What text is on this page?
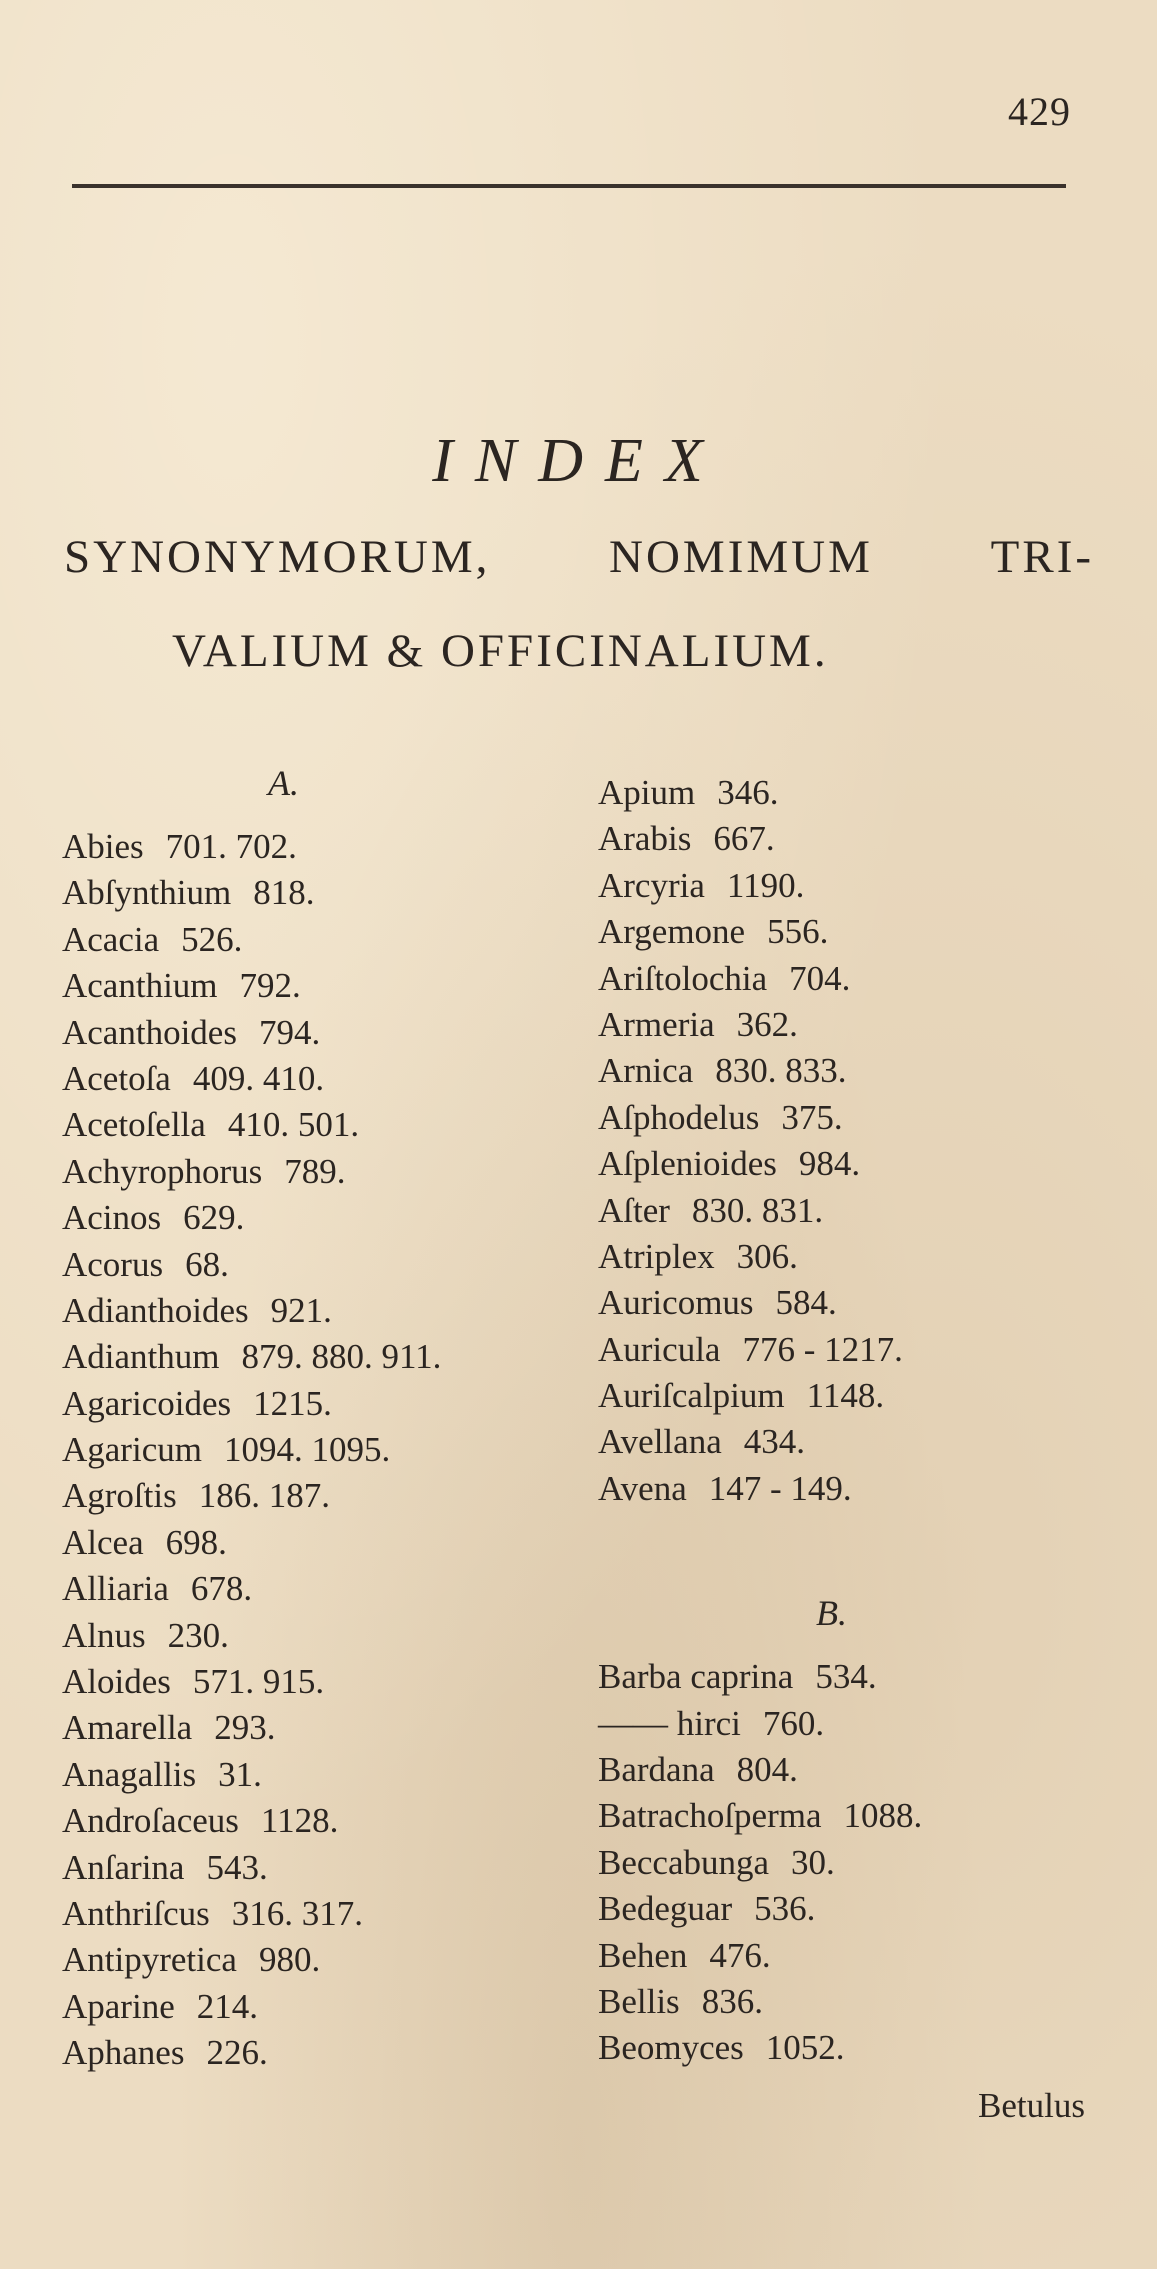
429
INDEX
SYNONYMORUM, NOMIMUM TRI-
VALIUM & OFFICINALIUM.
A.
Abies 701. 702.
Abſynthium 818.
Acacia 526.
Acanthium 792.
Acanthoides 794.
Acetoſa 409. 410.
Acetoſella 410. 501.
Achyrophorus 789.
Acinos 629.
Acorus 68.
Adianthoides 921.
Adianthum 879. 880. 911.
Agaricoides 1215.
Agaricum 1094. 1095.
Agroſtis 186. 187.
Alcea 698.
Alliaria 678.
Alnus 230.
Aloides 571. 915.
Amarella 293.
Anagallis 31.
Androſaceus 1128.
Anſarina 543.
Anthriſcus 316. 317.
Antipyretica 980.
Aparine 214.
Aphanes 226.
Apium 346.
Arabis 667.
Arcyria 1190.
Argemone 556.
Ariſtolochia 704.
Armeria 362.
Arnica 830. 833.
Aſphodelus 375.
Aſplenioides 984.
Aſter 830. 831.
Atriplex 306.
Auricomus 584.
Auricula 776 - 1217.
Auriſcalpium 1148.
Avellana 434.
Avena 147 - 149.
B.
Barba caprina 534.
—— hirci 760.
Bardana 804.
Batrachoſperma 1088.
Beccabunga 30.
Bedeguar 536.
Behen 476.
Bellis 836.
Beomyces 1052.
Betulus
